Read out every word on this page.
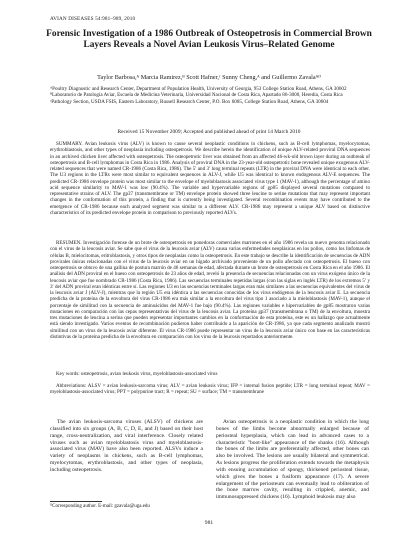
AVIAN DISEASES 54:981–989, 2010
Forensic Investigation of a 1986 Outbreak of Osteopetrosis in Commercial Brown Layers Reveals a Novel Avian Leukosis Virus–Related Genome
Taylor Barbosa,ᴬ Marcia Ramirez,ᴮ Scott Hafner,ᶜ Sunny Cheng,ᴬ and Guillermo Zavalaᴬᴰ

ᴬPoultry Diagnostic and Research Center, Department of Population Health, University of Georgia, 953 College Station Road, Athens, GA 30602

ᴮLaboratorio de Patología Aviar, Escuela de Medicina Veterinaria, Universidad Nacional de Costa Rica, Apartado 86-3000, Heredia, Costa Rica

ᶜPathology Section, USDA FSIS, Eastern Laboratory, Russell Research Center, P.O. Box 6085, College Station Road, Athens, GA 30604

Received 15 November 2009; Accepted and published ahead of print 14 March 2010

SUMMARY. Avian leukosis virus (ALV) is known to cause several neoplastic conditions in chickens, such as B-cell lymphomas, myelocytomas, erythroblastosis, and other types of neoplasia including osteopetrosis. We describe herein the identification of unique ALV-related proviral DNA sequences in an archived chicken liver affected with osteopetrosis. The osteopetrotic liver was obtained from an affected 46-wk-old brown layer during an outbreak of osteopetrosis and B-cell lymphomas in Costa Rica in 1986. Analysis of proviral DNA in the 23-year-old osteopetrotic bone revealed unique exogenous ALV-related sequences that were named CR-1986 (Costa Rica, 1986). The 5′ and 3′ long terminal repeats (LTR) in the proviral DNA were identical to each other. The U3 regions in the LTRs were most similar to equivalent sequences in ALV-J, while U5 was identical to known endogenous ALV-E sequences. The predicted CR-1986 envelope protein was most similar to the envelope of myeloblastosis associated virus type 1 (MAV-1), although the percentage of amino acid sequence similarity to MAV-1 was low (90.4%). The variable and hypervariable regions of gp85 displayed several mutations compared to representative strains of ALV. The gp37 (transmembrane or TM) envelope protein showed three leucine to serine mutations that may represent important changes in the conformation of this protein, a finding that is currently being investigated. Several recombination events may have contributed to the emergence of CR-1986 because each analyzed segment was similar to a different ALV. CR-1986 may represent a unique ALV based on distinctive characteristics of its predicted envelope protein in comparison to previously reported ALVs.

RESUMEN. Investigación forense de un brote de osteopetrosis en ponedoras comerciales marrones en el año 1986 revela un nuevo genoma relacionado con el virus de la leucosis aviar. Se sabe que el virus de la leucosis aviar (ALV) causa varias enfermedades neoplásicas en los pollos, como los linfomas de células B, mielocitomas, eritroblastosis, y otros tipos de neoplasias como la osteopetrosis. En este trabajo se describe la identificación de secuencias de ADN provirales únicas relacionadas con el virus de la leucosis aviar en un hígado archivado proveniente de un pollo afectado con osteopetrosis. El hueso con osteopetrosis se obtuvo de una gallina de postura marrón de 46 semanas de edad, afectada durante un brote de osteopetrosis en Costa Rica en el año 1986. El análisis del ADN proviral en el hueso con osteopetrosis de 23 años de edad, reveló la presencia de secuencias relacionadas con un virus exógeno único de la leucosis aviar que fue nombrado CR-1986 (Costa Rica, 1986). Las secuencias terminales repetidas largas (con las siglas en inglés LTR) de los extremos 5′ y 3′ del ADN proviral eran idénticas entre sí. Las regiones U3 en las secuencias terminales largas eran más similares a las secuencias equivalentes del virus de la leucosis aviar J (ALV-J), mientras que la región U5 era idéntica a las secuencias conocidas de los virus endógenos de la leucosis aviar E. La secuencia predicha de la proteína de la envoltura del virus CR-1986 era más similar a la envoltura del virus tipo 1 asociado a la mieloblastosis (MAV-1), aunque el porcentaje de similitud con la secuencia de aminoácidos del MAV-1 fue bajo (90.4%). Las regiones variables e hipervariables de gp85 mostraron varias mutaciones en comparación con las cepas representativas del virus de la leucosis aviar. La proteína gp37 (transmembrana o TM) de la envoltura, muestra tres mutaciones de leucina a serina que pueden representar importantes cambios en la conformación de esta proteína, este es un hallazgo que actualmente está siendo investigado. Varios eventos de recombinación pudieron haber contribuido a la aparición de CR-1986, ya que cada segmento analizado mostró similitud con un virus de la leucosis aviar diferente. El virus CR-1986 puede representar un virus de la leucosis aviar único con base en las características distintivas de la proteína predicha de la envoltura en comparación con los virus de la leucosis reportados anteriormente.

Key words: osteopetrosis, avian leukosis virus, myeloblastosis-associated virus

Abbreviations: ALSV = avian leukosis-sarcoma virus; ALV = avian leukosis virus; IFP = internal fusion peptide; LTR = long terminal repeat; MAV = myeloblastosis-associated virus; PPT = polypurine tract; R = repeat; SU = surface; TM = transmembrane

The avian leukosis-sarcoma viruses (ALSV) of chickens are classified into six groups (A, B, C, D, E, and J) based on their host range, cross-neutralization, and viral interference. Closely related viruses such as avian myeloblastosis virus and myeloblastosis-associated virus (MAV) have also been reported. ALSVs induce a variety of neoplasms in chickens, such as B-cell lymphomas, myelocytomas, erythroblastosis, and other types of neoplasia, including osteopetrosis.

Avian osteopetrosis is a neoplastic condition in which the long bones of the limbs become abnormally enlarged because of periosteal hyperplasia, which can lead in advanced cases to a characteristic "boot-like" appearance of the shanks (16). Although the bones of the limbs are preferentially affected, other bones can also be involved. The lesions are usually bilateral and symmetrical. As lesions progress the proliferation extends towards the metaphysis with ensuing accumulation of spongy, thickened periosteal tissue, which gives the bones a fusiform appearance (17). A severe enlargement of the periosteum can eventually lead to obliteration of the bone marrow cavity, resulting in crippled, anemic, and immunosuppressed chickens (16). Lymphoid leukosis may also

ᴰCorresponding author. E-mail: gzavala@uga.edu
981
